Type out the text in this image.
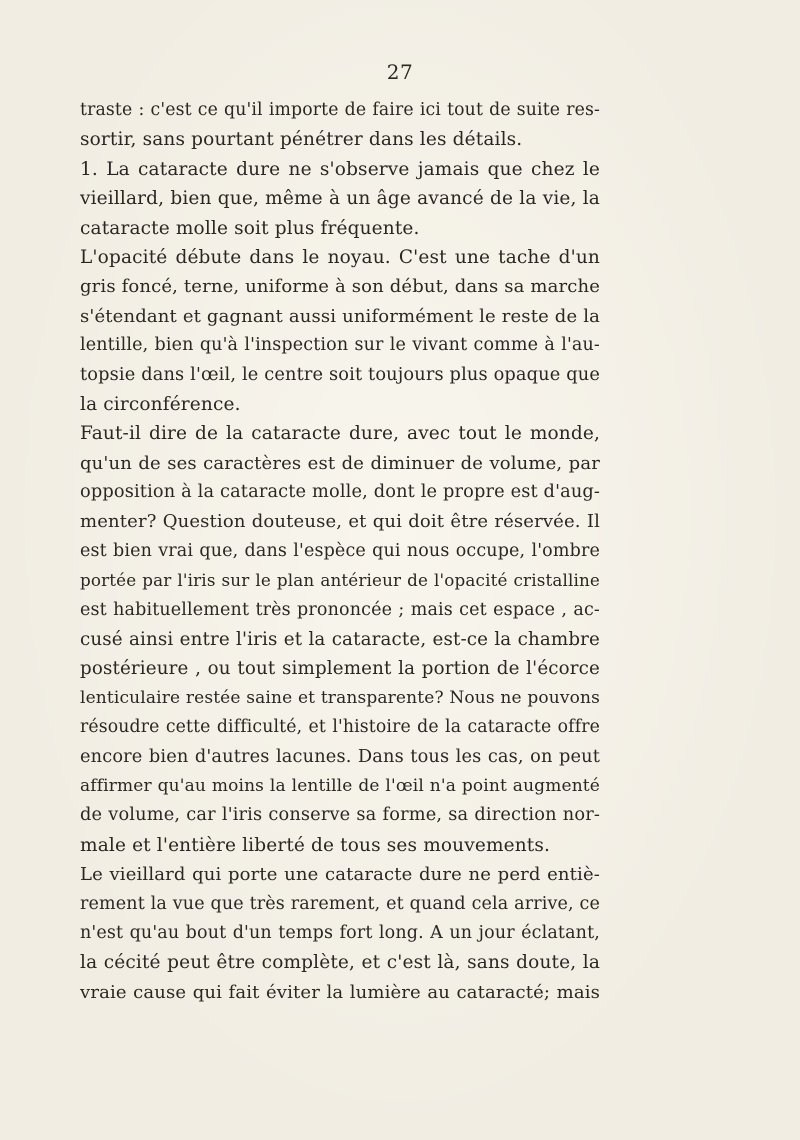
27
traste : c'est ce qu'il importe de faire ici tout de suite res-
sortir, sans pourtant pénétrer dans les détails.
1. La cataracte dure ne s'observe jamais que chez le
vieillard, bien que, même à un âge avancé de la vie, la
cataracte molle soit plus fréquente.
L'opacité débute dans le noyau. C'est une tache d'un
gris foncé, terne, uniforme à son début, dans sa marche
s'étendant et gagnant aussi uniformément le reste de la
lentille, bien qu'à l'inspection sur le vivant comme à l'au-
topsie dans l'œil, le centre soit toujours plus opaque que
la circonférence.
Faut-il dire de la cataracte dure, avec tout le monde,
qu'un de ses caractères est de diminuer de volume, par
opposition à la cataracte molle, dont le propre est d'aug-
menter? Question douteuse, et qui doit être réservée. Il
est bien vrai que, dans l'espèce qui nous occupe, l'ombre
portée par l'iris sur le plan antérieur de l'opacité cristalline
est habituellement très prononcée ; mais cet espace , ac-
cusé ainsi entre l'iris et la cataracte, est-ce la chambre
postérieure , ou tout simplement la portion de l'écorce
lenticulaire restée saine et transparente? Nous ne pouvons
résoudre cette difficulté, et l'histoire de la cataracte offre
encore bien d'autres lacunes. Dans tous les cas, on peut
affirmer qu'au moins la lentille de l'œil n'a point augmenté
de volume, car l'iris conserve sa forme, sa direction nor-
male et l'entière liberté de tous ses mouvements.
Le vieillard qui porte une cataracte dure ne perd entiè-
rement la vue que très rarement, et quand cela arrive, ce
n'est qu'au bout d'un temps fort long. A un jour éclatant,
la cécité peut être complète, et c'est là, sans doute, la
vraie cause qui fait éviter la lumière au cataracté; mais
